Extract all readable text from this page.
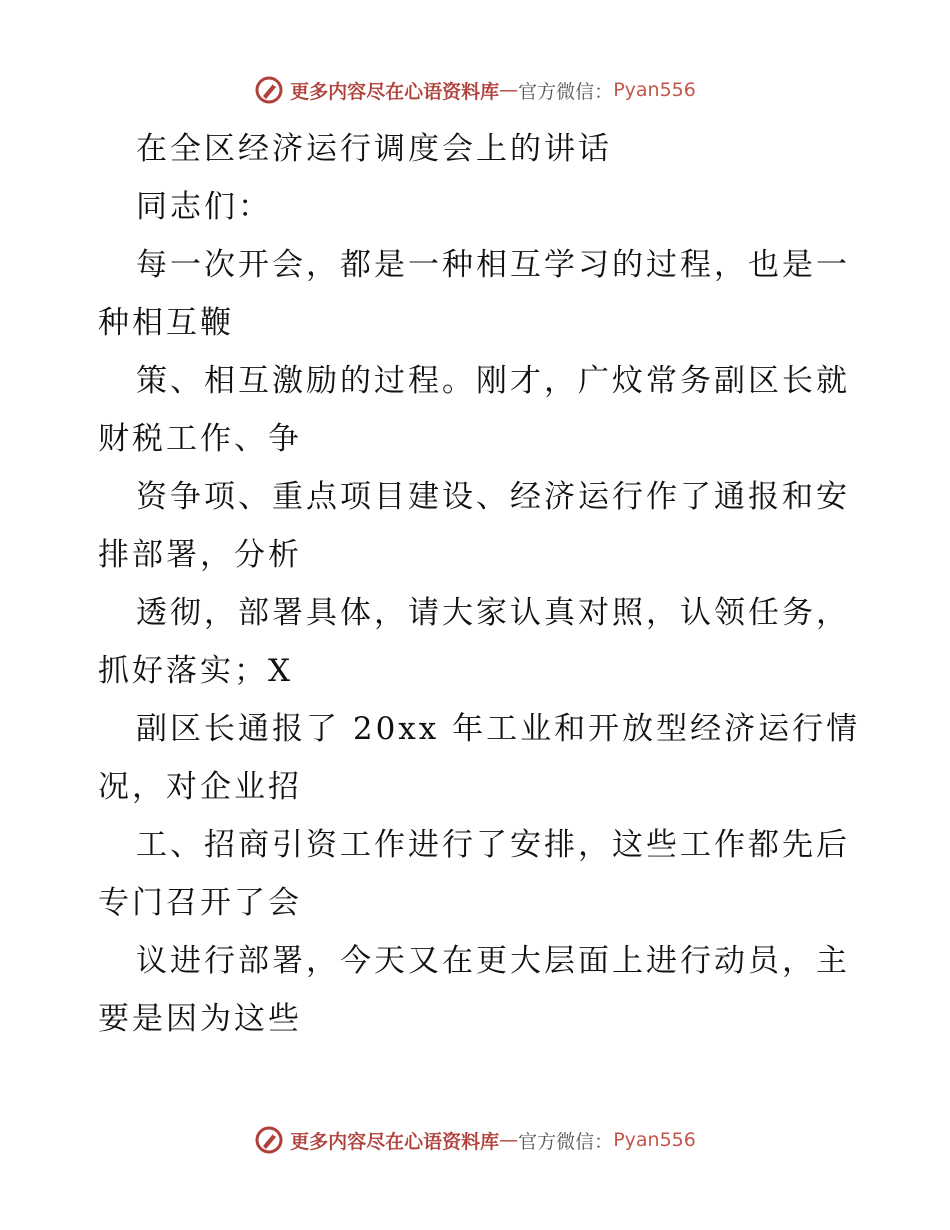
更多内容尽在心语资料库 — 官方微信： Pyan556
在全区经济运行调度会上的讲话
同志们：
每一次开会，都是一种相互学习的过程，也是一
种相互鞭
策、相互激励的过程。刚才，广炆常务副区长就
财税工作、争
资争项、重点项目建设、经济运行作了通报和安
排部署，分析
透彻，部署具体，请大家认真对照，认领任务，
抓好落实；X
副区长通报了 20xx 年工业和开放型经济运行情
况，对企业招
工、招商引资工作进行了安排，这些工作都先后
专门召开了会
议进行部署，今天又在更大层面上进行动员，主
要是因为这些
更多内容尽在心语资料库 — 官方微信： Pyan556
